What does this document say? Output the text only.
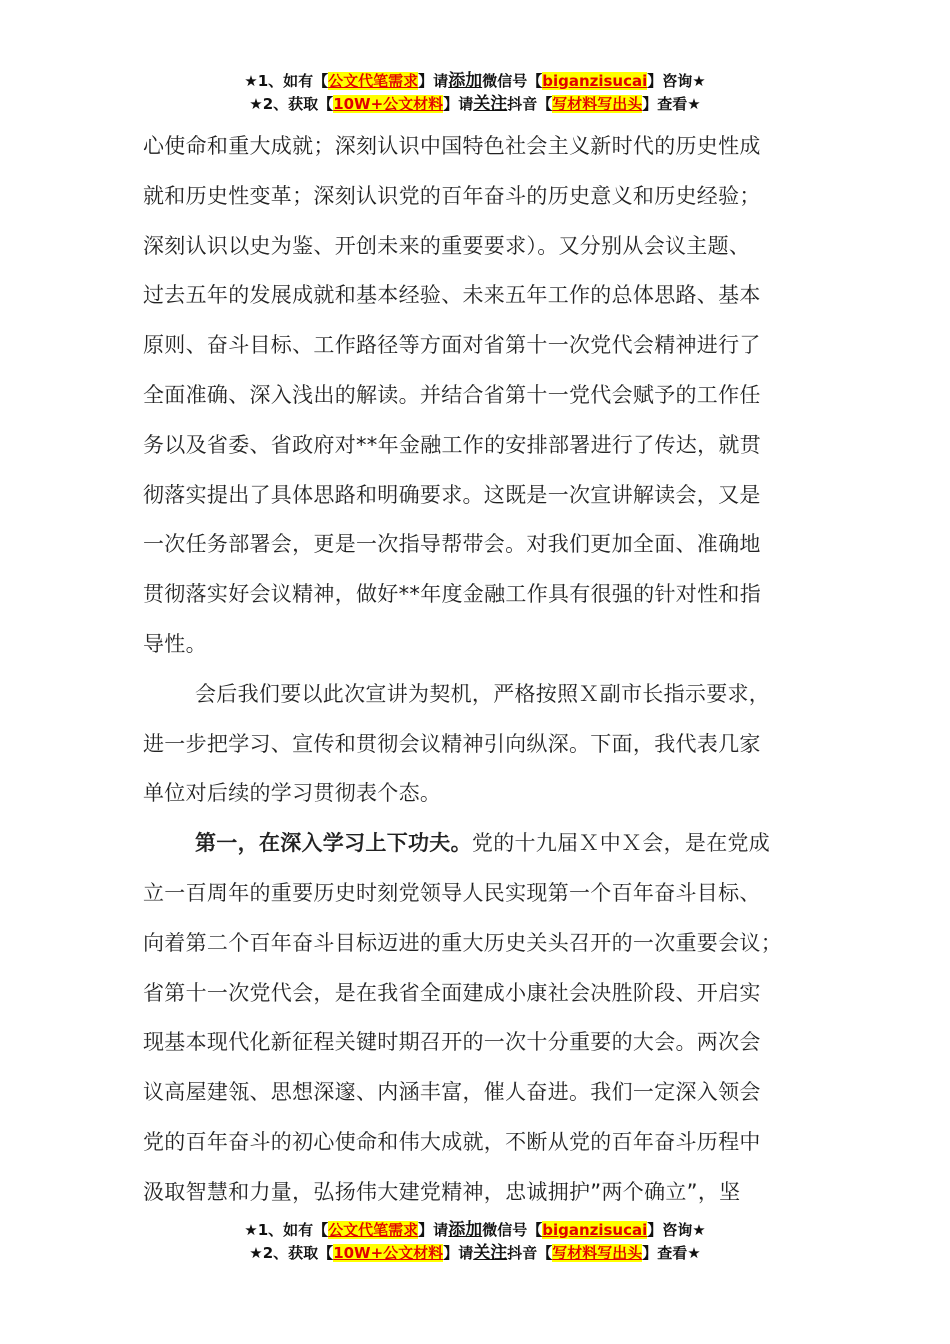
★1、如有【公文代笔需求】请添加微信号【biganzisucai】咨询★
★2、获取【10W+公文材料】请关注抖音【写材料写出头】查看★
心使命和重大成就；深刻认识中国特色社会主义新时代的历史性成
就和历史性变革；深刻认识党的百年奋斗的历史意义和历史经验；
深刻认识以史为鉴、开创未来的重要要求）。又分别从会议主题、
过去五年的发展成就和基本经验、未来五年工作的总体思路、基本
原则、奋斗目标、工作路径等方面对省第十一次党代会精神进行了
全面准确、深入浅出的解读。并结合省第十一党代会赋予的工作任
务以及省委、省政府对**年金融工作的安排部署进行了传达，就贯
彻落实提出了具体思路和明确要求。这既是一次宣讲解读会，又是
一次任务部署会，更是一次指导帮带会。对我们更加全面、准确地
贯彻落实好会议精神，做好**年度金融工作具有很强的针对性和指
导性。
会后我们要以此次宣讲为契机，严格按照Ｘ副市长指示要求，
进一步把学习、宣传和贯彻会议精神引向纵深。下面，我代表几家
单位对后续的学习贯彻表个态。
第一，在深入学习上下功夫。党的十九届Ｘ中Ｘ会，是在党成
立一百周年的重要历史时刻党领导人民实现第一个百年奋斗目标、
向着第二个百年奋斗目标迈进的重大历史关头召开的一次重要会议；
省第十一次党代会，是在我省全面建成小康社会决胜阶段、开启实
现基本现代化新征程关键时期召开的一次十分重要的大会。两次会
议高屋建瓴、思想深邃、内涵丰富，催人奋进。我们一定深入领会
党的百年奋斗的初心使命和伟大成就，不断从党的百年奋斗历程中
汲取智慧和力量，弘扬伟大建党精神，忠诚拥护”两个确立”，坚
★1、如有【公文代笔需求】请添加微信号【biganzisucai】咨询★
★2、获取【10W+公文材料】请关注抖音【写材料写出头】查看★
